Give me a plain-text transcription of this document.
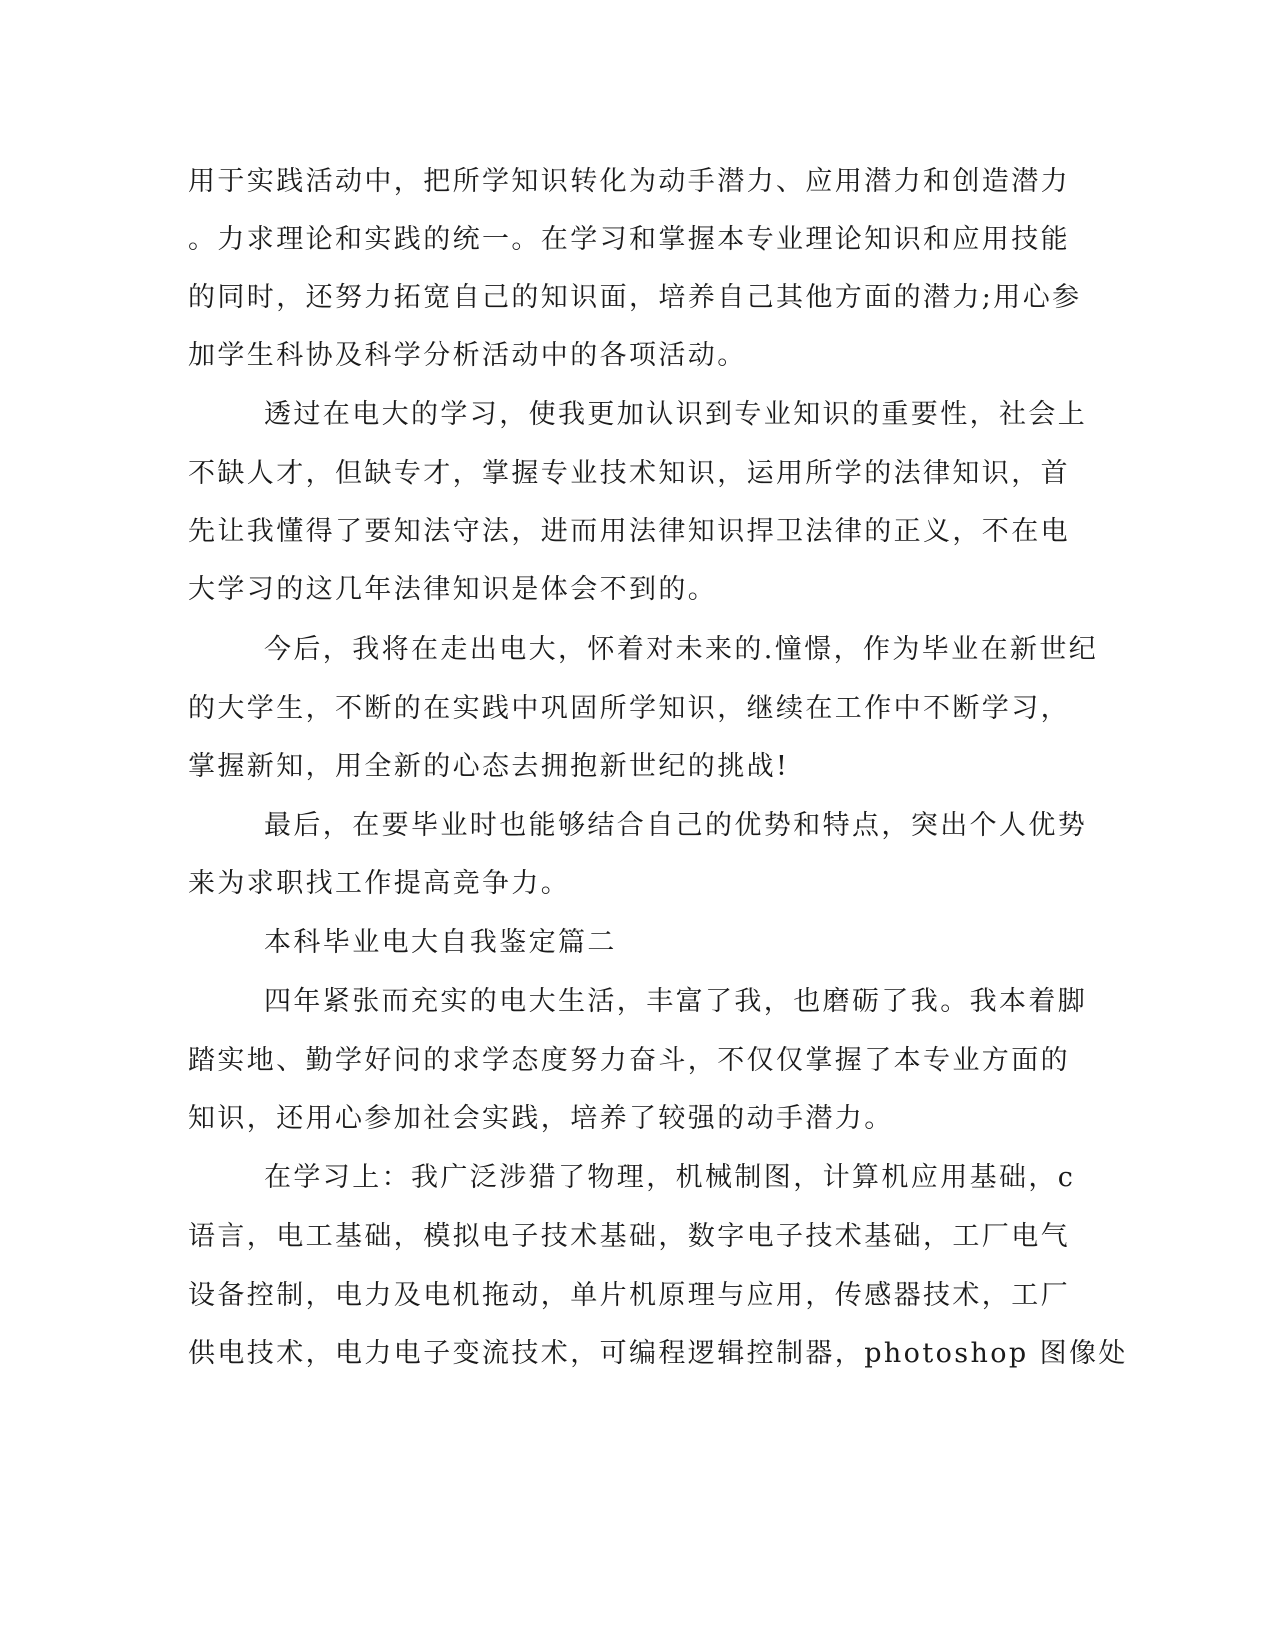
用于实践活动中，把所学知识转化为动手潜力、应用潜力和创造潜力
。力求理论和实践的统一。在学习和掌握本专业理论知识和应用技能
的同时，还努力拓宽自己的知识面，培养自己其他方面的潜力;用心参
加学生科协及科学分析活动中的各项活动。
透过在电大的学习，使我更加认识到专业知识的重要性，社会上
不缺人才，但缺专才，掌握专业技术知识，运用所学的法律知识，首
先让我懂得了要知法守法，进而用法律知识捍卫法律的正义，不在电
大学习的这几年法律知识是体会不到的。
今后，我将在走出电大，怀着对未来的.憧憬，作为毕业在新世纪
的大学生，不断的在实践中巩固所学知识，继续在工作中不断学习，
掌握新知，用全新的心态去拥抱新世纪的挑战!
最后，在要毕业时也能够结合自己的优势和特点，突出个人优势
来为求职找工作提高竞争力。
本科毕业电大自我鉴定篇二
四年紧张而充实的电大生活，丰富了我，也磨砺了我。我本着脚
踏实地、勤学好问的求学态度努力奋斗，不仅仅掌握了本专业方面的
知识，还用心参加社会实践，培养了较强的动手潜力。
在学习上：我广泛涉猎了物理，机械制图，计算机应用基础，c
语言，电工基础，模拟电子技术基础，数字电子技术基础，工厂电气
设备控制，电力及电机拖动，单片机原理与应用，传感器技术，工厂
供电技术，电力电子变流技术，可编程逻辑控制器，photoshop 图像处
